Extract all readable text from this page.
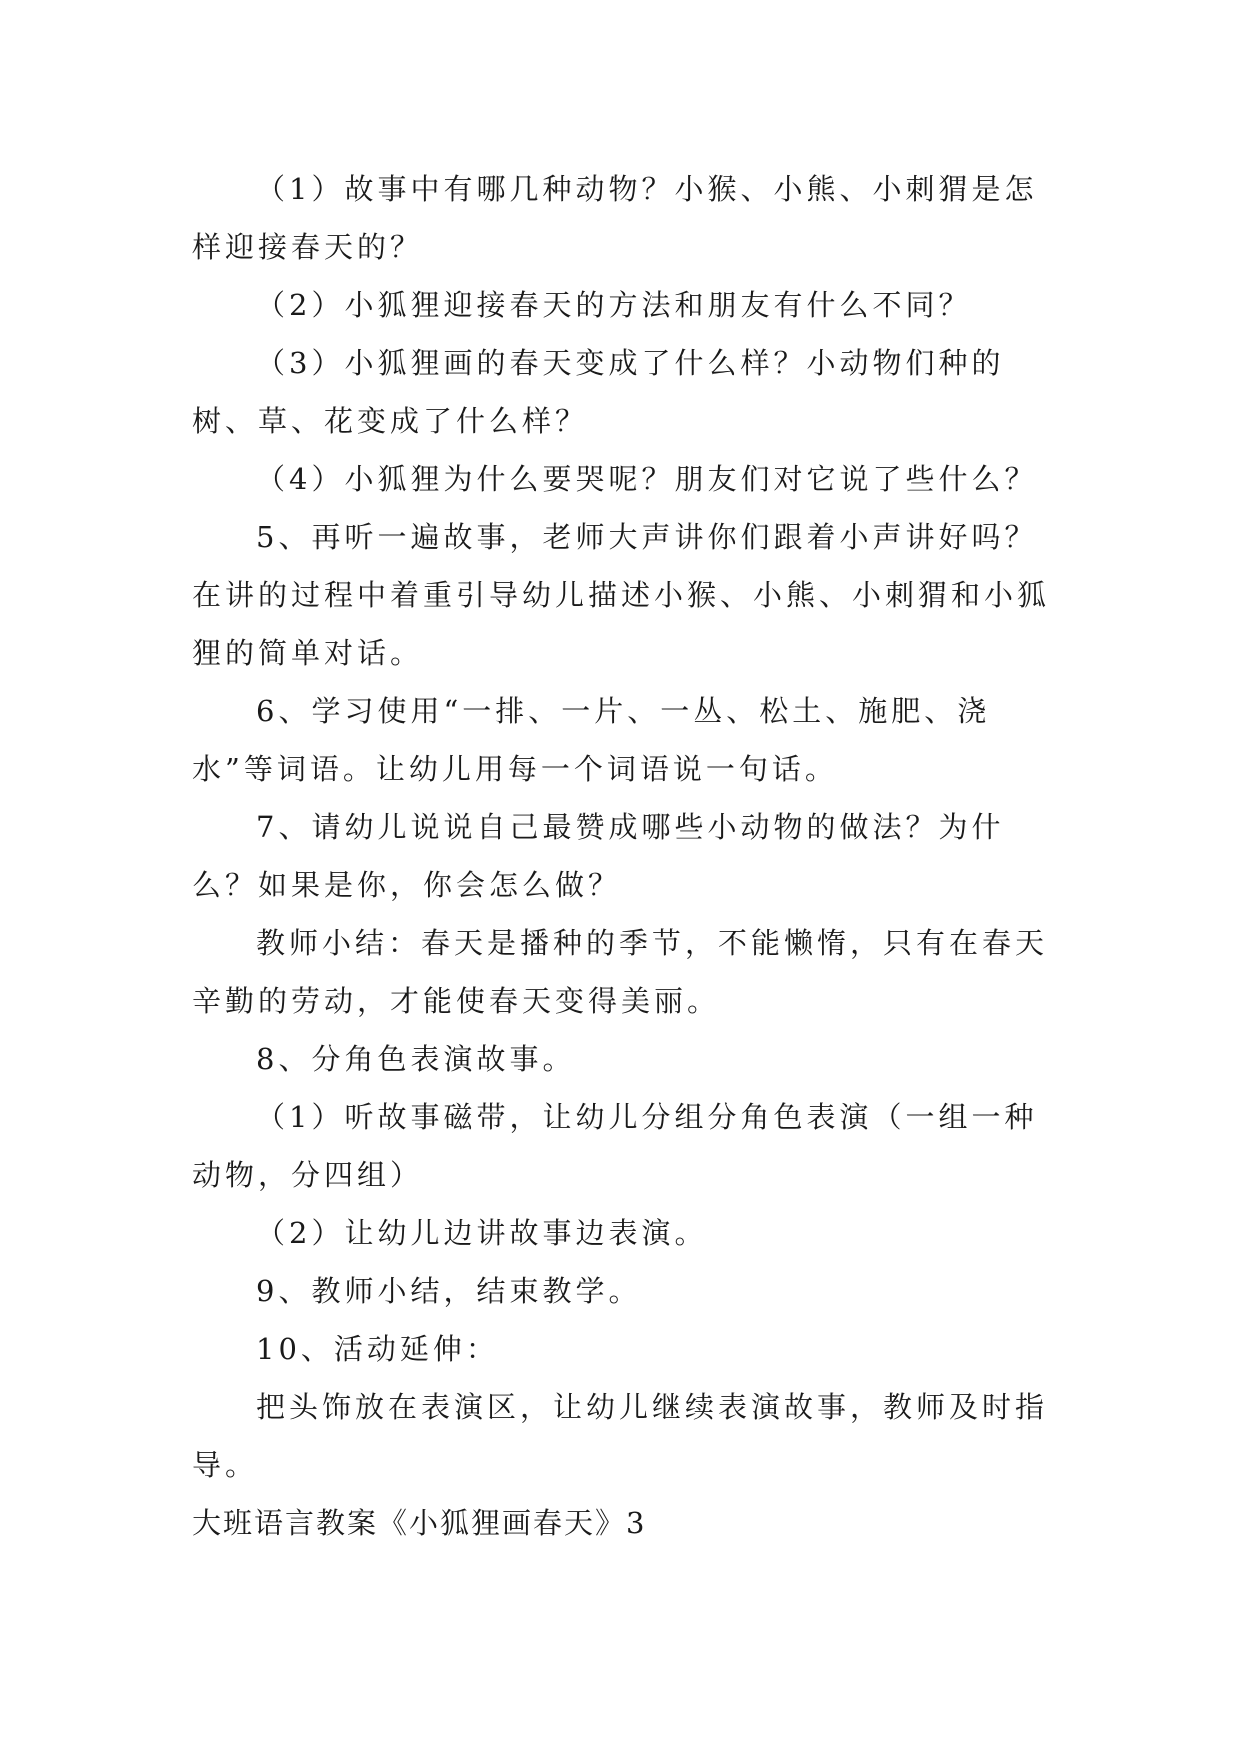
（1）故事中有哪几种动物？小猴、小熊、小刺猬是怎样迎接春天的？

（2）小狐狸迎接春天的方法和朋友有什么不同？

（3）小狐狸画的春天变成了什么样？小动物们种的树、草、花变成了什么样？

（4）小狐狸为什么要哭呢？朋友们对它说了些什么？

5、再听一遍故事，老师大声讲你们跟着小声讲好吗？在讲的过程中着重引导幼儿描述小猴、小熊、小刺猬和小狐狸的简单对话。

6、学习使用“一排、一片、一丛、松土、施肥、浇水”等词语。让幼儿用每一个词语说一句话。

7、请幼儿说说自己最赞成哪些小动物的做法？为什么？如果是你，你会怎么做？

教师小结：春天是播种的季节，不能懒惰，只有在春天辛勤的劳动，才能使春天变得美丽。

8、分角色表演故事。

（1）听故事磁带，让幼儿分组分角色表演（一组一种动物，分四组）

（2）让幼儿边讲故事边表演。

9、教师小结，结束教学。

10、活动延伸：

把头饰放在表演区，让幼儿继续表演故事，教师及时指导。

大班语言教案《小狐狸画春天》3
